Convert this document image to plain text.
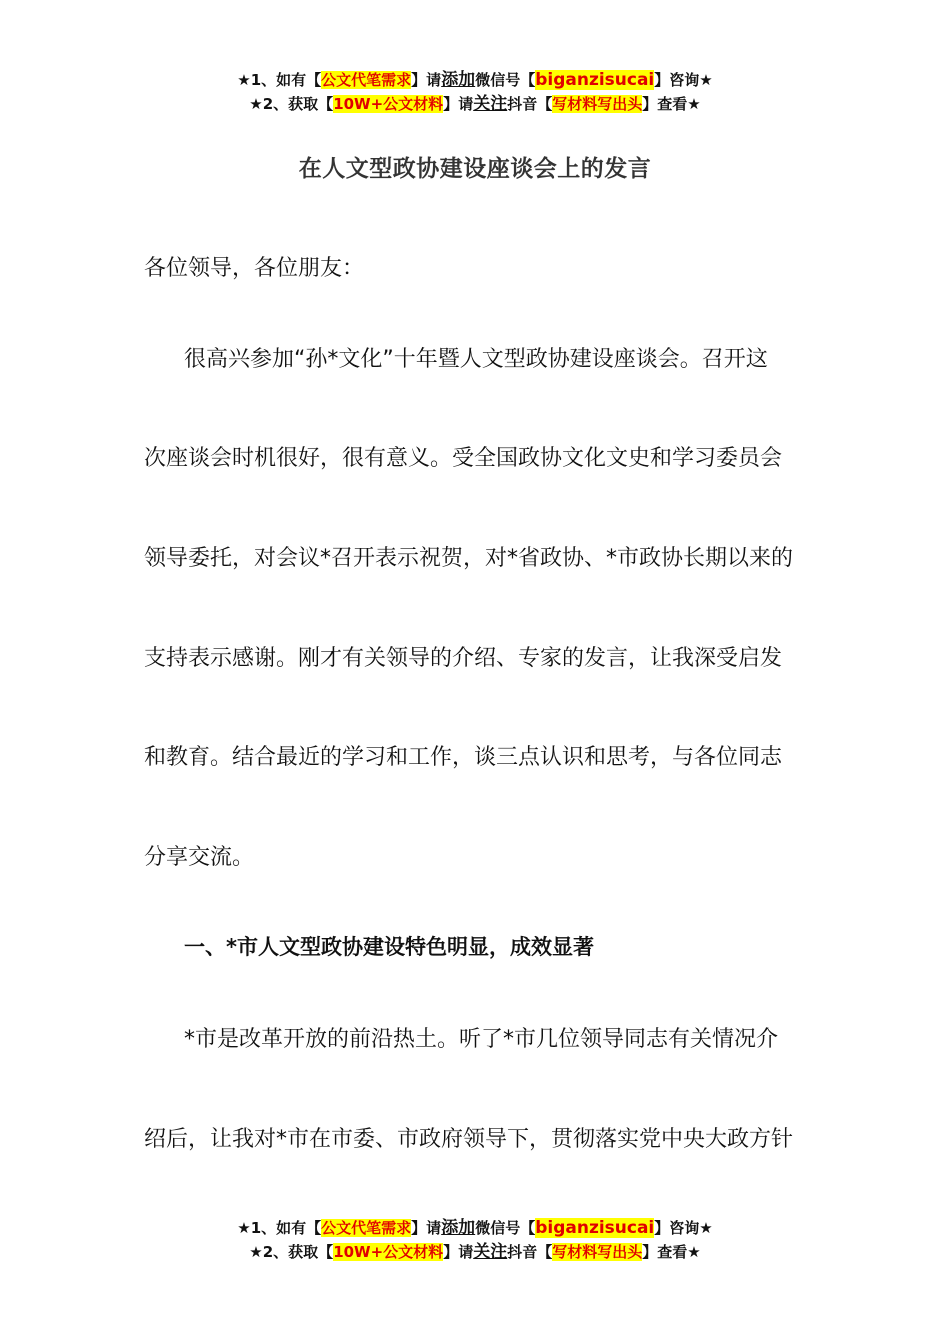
★1、如有【公文代笔需求】请添加微信号【biganzisucai】咨询★
★2、获取【10W+公文材料】请关注抖音【写材料写出头】查看★
在人文型政协建设座谈会上的发言
各位领导，各位朋友：
很高兴参加“孙*文化”十年暨人文型政协建设座谈会。召开这
次座谈会时机很好，很有意义。受全国政协文化文史和学习委员会
领导委托，对会议*召开表示祝贺，对*省政协、*市政协长期以来的
支持表示感谢。刚才有关领导的介绍、专家的发言，让我深受启发
和教育。结合最近的学习和工作，谈三点认识和思考，与各位同志
分享交流。
一、*市人文型政协建设特色明显，成效显著
*市是改革开放的前沿热土。听了*市几位领导同志有关情况介
绍后，让我对*市在市委、市政府领导下，贯彻落实党中央大政方针
★1、如有【公文代笔需求】请添加微信号【biganzisucai】咨询★
★2、获取【10W+公文材料】请关注抖音【写材料写出头】查看★
